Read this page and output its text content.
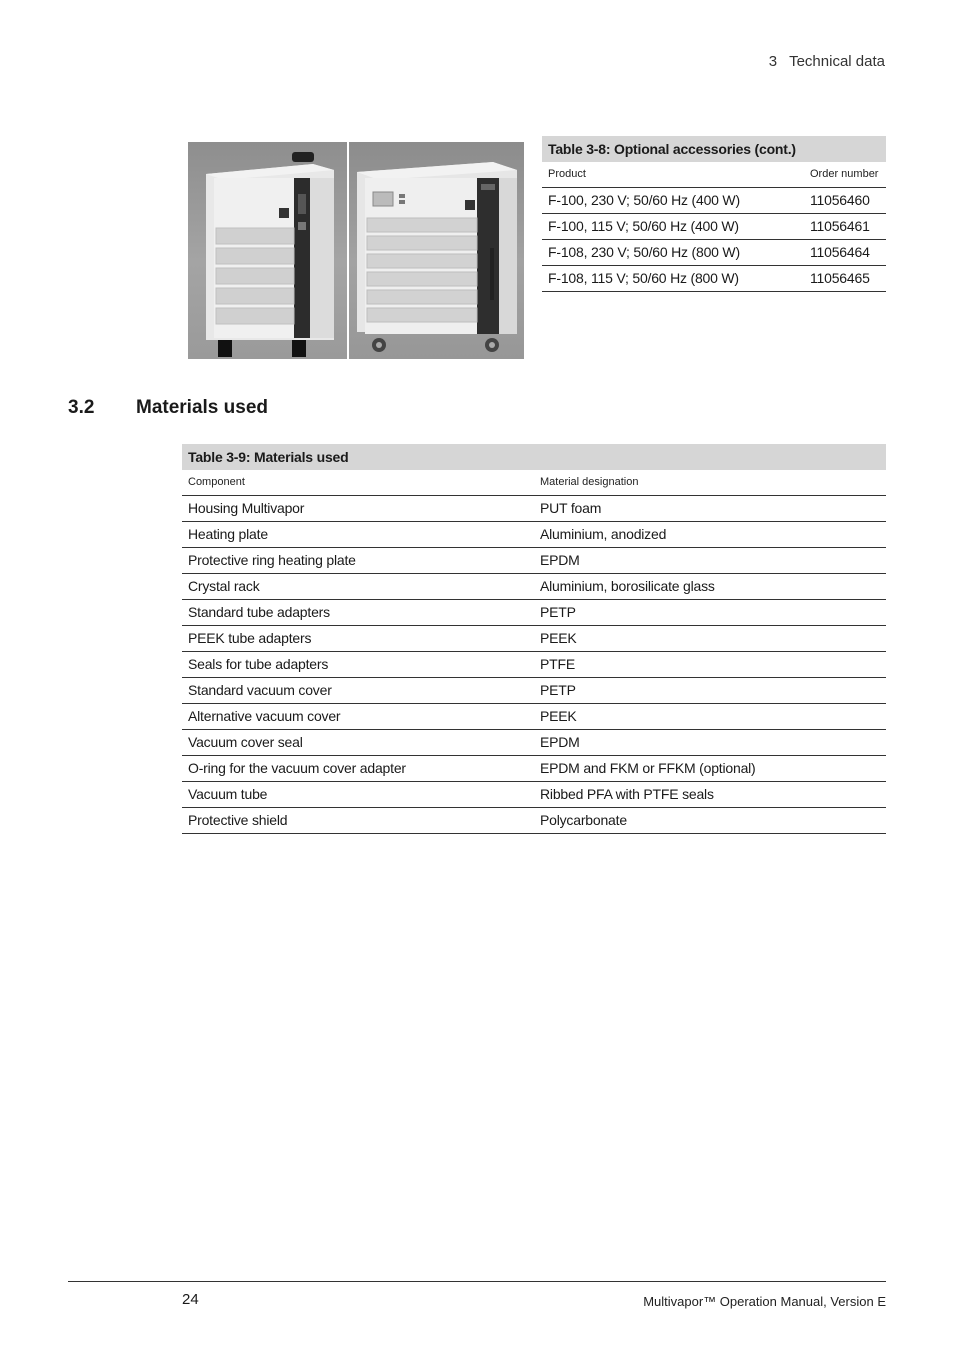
3 Technical data
Table 3-8: Optional accessories (cont.)
Product	Order number
F-100, 230 V; 50/60 Hz (400 W)	11056460
F-100, 115 V; 50/60 Hz (400 W)	11056461
F-108, 230 V; 50/60 Hz (800 W)	11056464
F-108, 115 V; 50/60 Hz (800 W)	11056465
3.2 Materials used
Table 3-9: Materials used
Component	Material designation
Housing Multivapor	PUT foam
Heating plate	Aluminium, anodized
Protective ring heating plate	EPDM
Crystal rack	Aluminium, borosilicate glass
Standard tube adapters	PETP
PEEK tube adapters	PEEK
Seals for tube adapters	PTFE
Standard vacuum cover	PETP
Alternative vacuum cover	PEEK
Vacuum cover seal	EPDM
O-ring for the vacuum cover adapter	EPDM and FKM or FFKM (optional)
Vacuum tube	Ribbed PFA with PTFE seals
Protective shield	Polycarbonate
24	Multivapor™ Operation Manual, Version E
